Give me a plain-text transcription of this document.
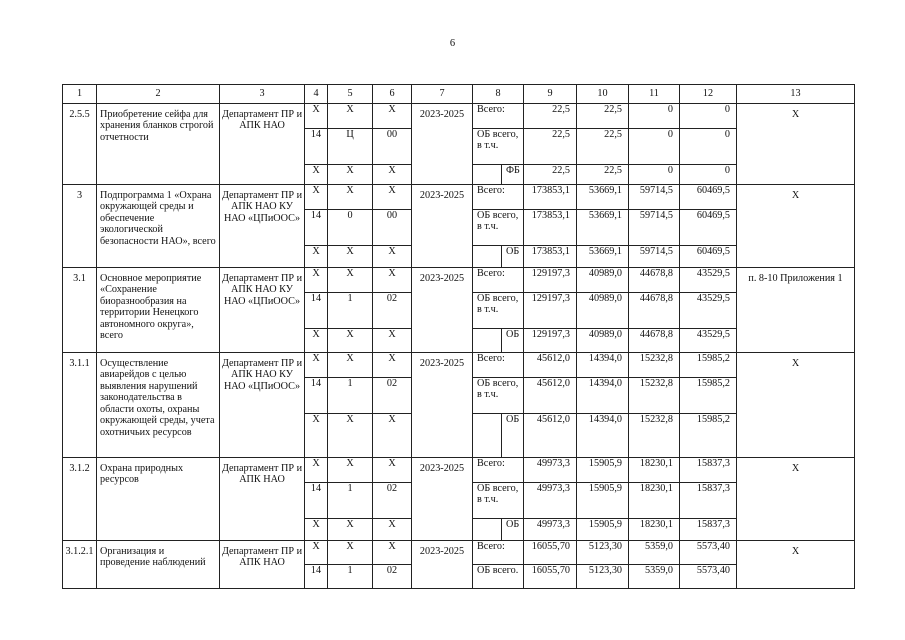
6
1	2	3	4	5	6	7	8		9	10	11	12	13
2.5.5	Приобретение сейфа для хранения бланков строгой отчетности	Департамент ПР и АПК НАО	Х	Х	Х	2023-2025	Всего:		22,5	22,5	0	0	Х
			14	Ц	00		ОБ всего, в т.ч.		22,5	22,5	0	0	
			Х	Х	Х			ФБ	22,5	22,5	0	0	
3	Подпрограмма 1 «Охрана окружающей среды и обеспечение экологической безопасности НАО», всего	Департамент ПР и АПК НАО КУ НАО «ЦПиООС»	Х	Х	Х	2023-2025	Всего:		173853,1	53669,1	59714,5	60469,5	Х
			14	0	00		ОБ всего, в т.ч.		173853,1	53669,1	59714,5	60469,5	
			Х	Х	Х			ОБ	173853,1	53669,1	59714,5	60469,5	
3.1	Основное мероприятие «Сохранение биоразнообразия на территории Ненецкого автономного округа», всего	Департамент ПР и АПК НАО КУ НАО «ЦПиООС»	Х	Х	Х	2023-2025	Всего:		129197,3	40989,0	44678,8	43529,5	п. 8-10 Приложения 1
			14	1	02		ОБ всего, в т.ч.		129197,3	40989,0	44678,8	43529,5	
			Х	Х	Х			ОБ	129197,3	40989,0	44678,8	43529,5	
3.1.1	Осуществление авиарейдов с целью выявления нарушений законодательства в области охоты, охраны окружающей среды, учета охотничьих ресурсов	Департамент ПР и АПК НАО КУ НАО «ЦПиООС»	Х	Х	Х	2023-2025	Всего:		45612,0	14394,0	15232,8	15985,2	Х
			14	1	02		ОБ всего, в т.ч.		45612,0	14394,0	15232,8	15985,2	
			Х	Х	Х			ОБ	45612,0	14394,0	15232,8	15985,2	
3.1.2	Охрана природных ресурсов	Департамент ПР и АПК НАО	Х	Х	Х	2023-2025	Всего:		49973,3	15905,9	18230,1	15837,3	Х
			14	1	02		ОБ всего, в т.ч.		49973,3	15905,9	18230,1	15837,3	
			Х	Х	Х			ОБ	49973,3	15905,9	18230,1	15837,3	
3.1.2.1	Организация и проведение наблюдений	Департамент ПР и АПК НАО	Х	Х	Х	2023-2025	Всего:		16055,70	5123,30	5359,0	5573,40	Х
			14	1	02		ОБ всего.		16055,70	5123,30	5359,0	5573,40	
